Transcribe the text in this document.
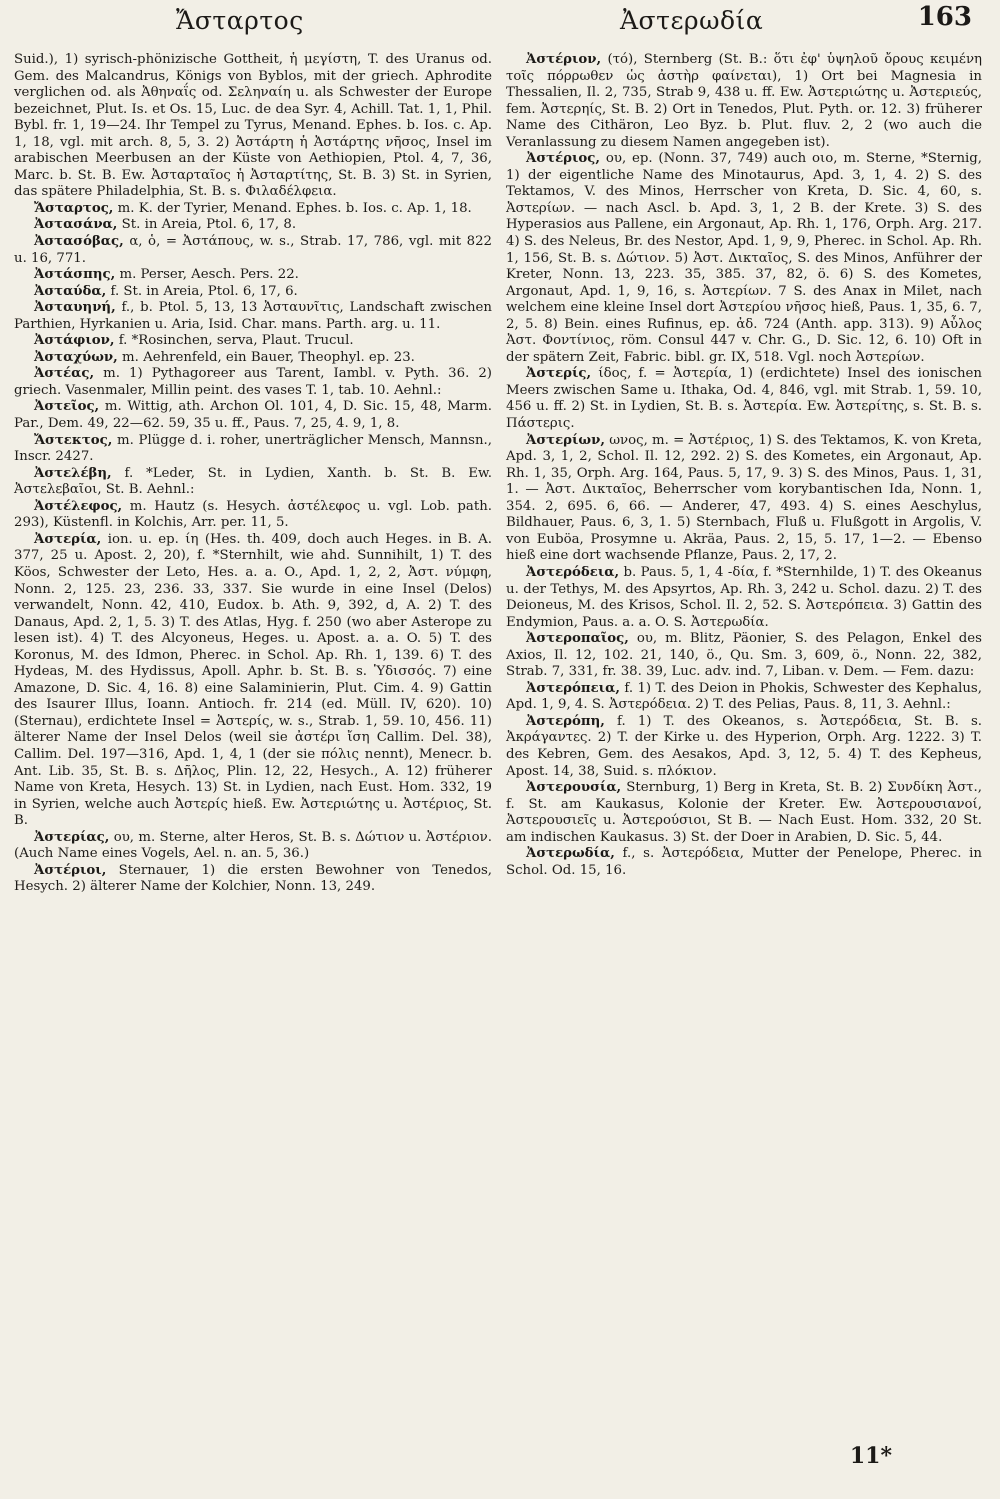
Ἄσταρτος	Ἀστερωδία	163

Suid.), 1) syrisch-phönizische Gottheit, ἡ μεγίστη, T. des Uranus od. Gem. des Malcandrus, Königs von Byblos, mit der griech. Aphrodite verglichen od. als Ἀθηναΐς od. Σεληναίη u. als Schwester der Europe bezeichnet, Plut. Is. et Os. 15, Luc. de dea Syr. 4, Achill. Tat. 1, 1, Phil. Bybl. fr. 1, 19—24. Ihr Tempel zu Tyrus, Menand. Ephes. b. Ios. c. Ap. 1, 18, vgl. mit arch. 8, 5, 3. 2) Ἀστάρτη ἡ Ἀστάρτης νῆσος, Insel im arabischen Meerbusen an der Küste von Aethiopien, Ptol. 4, 7, 36, Marc. b. St. B. Ew. Ἀσταρταῖος ἡ Ἀσταρτίτης, St. B. 3) St. in Syrien, das spätere Philadelphia, St. B. s. Φιλαδέλφεια.

Ἄσταρτος, m. K. der Tyrier, Menand. Ephes. b. Ios. c. Ap. 1, 18.

Ἀστασάνα, St. in Areia, Ptol. 6, 17, 8.

Ἀστασόβας, α, ὁ, = Ἀστάπους, w. s., Strab. 17, 786, vgl. mit 822 u. 16, 771.

Ἀστάσπης, m. Perser, Aesch. Pers. 22.

Ἀσταύδα, f. St. in Areia, Ptol. 6, 17, 6.

Ἀσταυηνή, f., b. Ptol. 5, 13, 13 Ἀσταυνῖτις, Landschaft zwischen Parthien, Hyrkanien u. Aria, Isid. Char. mans. Parth. arg. u. 11.

Ἀστάφιον, f. *Rosinchen, serva, Plaut. Trucul.

Ἀσταχύων, m. Aehrenfeld, ein Bauer, Theophyl. ep. 23.

Ἀστέας, m. 1) Pythagoreer aus Tarent, Iambl. v. Pyth. 36. 2) griech. Vasenmaler, Millin peint. des vases T. 1, tab. 10. Aehnl.:

Ἀστεῖος, m. Wittig, ath. Archon Ol. 101, 4, D. Sic. 15, 48, Marm. Par., Dem. 49, 22—62. 59, 35 u. ff., Paus. 7, 25, 4. 9, 1, 8.

Ἄστεκτος, m. Plügge d. i. roher, unerträglicher Mensch, Mannsn., Inscr. 2427.

Ἀστελέβη, f. *Leder, St. in Lydien, Xanth. b. St. B. Ew. Ἀστελεβαῖοι, St. B. Aehnl.:

Ἀστέλεφος, m. Hautz (s. Hesych. ἀστέλεφος u. vgl. Lob. path. 293), Küstenfl. in Kolchis, Arr. per. 11, 5.

Ἀστερία, ion. u. ep. ίη (Hes. th. 409, doch auch Heges. in B. A. 377, 25 u. Apost. 2, 20), f. *Sternhilt, wie ahd. Sunnihilt, 1) T. des Köos, Schwester der Leto, Hes. a. a. O., Apd. 1, 2, 2, Ἀστ. νύμφη, Nonn. 2, 125. 23, 236. 33, 337. Sie wurde in eine Insel (Delos) verwandelt, Nonn. 42, 410, Eudox. b. Ath. 9, 392, d, A. 2) T. des Danaus, Apd. 2, 1, 5. 3) T. des Atlas, Hyg. f. 250 (wo aber Asterope zu lesen ist). 4) T. des Alcyoneus, Heges. u. Apost. a. a. O. 5) T. des Koronus, M. des Idmon, Pherec. in Schol. Ap. Rh. 1, 139. 6) T. des Hydeas, M. des Hydissus, Apoll. Aphr. b. St. B. s. Ὑδισσός. 7) eine Amazone, D. Sic. 4, 16. 8) eine Salaminierin, Plut. Cim. 4. 9) Gattin des Isaurer Illus, Ioann. Antioch. fr. 214 (ed. Müll. IV, 620). 10) (Sternau), erdichtete Insel = Ἀστερίς, w. s., Strab. 1, 59. 10, 456. 11) älterer Name der Insel Delos (weil sie ἀστέρι ἴση Callim. Del. 38), Callim. Del. 197—316, Apd. 1, 4, 1 (der sie πόλις nennt), Menecr. b. Ant. Lib. 35, St. B. s. Δῆλος, Plin. 12, 22, Hesych., A. 12) früherer Name von Kreta, Hesych. 13) St. in Lydien, nach Eust. Hom. 332, 19 in Syrien, welche auch Ἀστερίς hieß. Ew. Ἀστεριώτης u. Ἀστέριος, St. B.

Ἀστερίας, ου, m. Sterne, alter Heros, St. B. s. Δώτιον u. Ἀστέριον. (Auch Name eines Vogels, Ael. n. an. 5, 36.)

Ἀστέριοι, Sternauer, 1) die ersten Bewohner von Tenedos, Hesych. 2) älterer Name der Kolchier, Nonn. 13, 249.

Ἀστέριον, (τό), Sternberg (St. B.: ὅτι ἐφ' ὑψηλοῦ ὄρους κειμένη τοῖς πόρρωθεν ὡς ἀστὴρ φαίνεται), 1) Ort bei Magnesia in Thessalien, Il. 2, 735, Strab 9, 438 u. ff. Ew. Ἀστεριώτης u. Ἀστεριεύς, fem. Ἀστερηίς, St. B. 2) Ort in Tenedos, Plut. Pyth. or. 12. 3) früherer Name des Cithäron, Leo Byz. b. Plut. fluv. 2, 2 (wo auch die Veranlassung zu diesem Namen angegeben ist).

Ἀστέριος, ου, ep. (Nonn. 37, 749) auch οιο, m. Sterne, *Sternig, 1) der eigentliche Name des Minotaurus, Apd. 3, 1, 4. 2) S. des Tektamos, V. des Minos, Herrscher von Kreta, D. Sic. 4, 60, s. Ἀστερίων. — nach Ascl. b. Apd. 3, 1, 2 B. der Krete. 3) S. des Hyperasios aus Pallene, ein Argonaut, Ap. Rh. 1, 176, Orph. Arg. 217. 4) S. des Neleus, Br. des Nestor, Apd. 1, 9, 9, Pherec. in Schol. Ap. Rh. 1, 156, St. B. s. Δώτιον. 5) Ἀστ. Δικταῖος, S. des Minos, Anführer der Kreter, Nonn. 13, 223. 35, 385. 37, 82, ö. 6) S. des Kometes, Argonaut, Apd. 1, 9, 16, s. Ἀστερίων. 7 S. des Anax in Milet, nach welchem eine kleine Insel dort Ἀστερίου νῆσος hieß, Paus. 1, 35, 6. 7, 2, 5. 8) Bein. eines Rufinus, ep. ἀδ. 724 (Anth. app. 313). 9) Αὖλος Ἀστ. Φοντίνιος, röm. Consul 447 v. Chr. G., D. Sic. 12, 6. 10) Oft in der spätern Zeit, Fabric. bibl. gr. IX, 518. Vgl. noch Ἀστερίων.

Ἀστερίς, ίδος, f. = Ἀστερία, 1) (erdichtete) Insel des ionischen Meers zwischen Same u. Ithaka, Od. 4, 846, vgl. mit Strab. 1, 59. 10, 456 u. ff. 2) St. in Lydien, St. B. s. Ἀστερία. Ew. Ἀστερίτης, s. St. B. s. Πάστερις.

Ἀστερίων, ωνος, m. = Ἀστέριος, 1) S. des Tektamos, K. von Kreta, Apd. 3, 1, 2, Schol. Il. 12, 292. 2) S. des Kometes, ein Argonaut, Ap. Rh. 1, 35, Orph. Arg. 164, Paus. 5, 17, 9. 3) S. des Minos, Paus. 1, 31, 1. — Ἀστ. Δικταῖος, Beherrscher vom korybantischen Ida, Nonn. 1, 354. 2, 695. 6, 66. — Anderer, 47, 493. 4) S. eines Aeschylus, Bildhauer, Paus. 6, 3, 1. 5) Sternbach, Fluß u. Flußgott in Argolis, V. von Euböa, Prosymne u. Akräa, Paus. 2, 15, 5. 17, 1—2. — Ebenso hieß eine dort wachsende Pflanze, Paus. 2, 17, 2.

Ἀστερόδεια, b. Paus. 5, 1, 4 -δία, f. *Sternhilde, 1) T. des Okeanus u. der Tethys, M. des Apsyrtos, Ap. Rh. 3, 242 u. Schol. dazu. 2) T. des Deioneus, M. des Krisos, Schol. Il. 2, 52. S. Ἀστερόπεια. 3) Gattin des Endymion, Paus. a. a. O. S. Ἀστερωδία.

Ἀστεροπαῖος, ου, m. Blitz, Päonier, S. des Pelagon, Enkel des Axios, Il. 12, 102. 21, 140, ö., Qu. Sm. 3, 609, ö., Nonn. 22, 382, Strab. 7, 331, fr. 38. 39, Luc. adv. ind. 7, Liban. v. Dem. — Fem. dazu:

Ἀστερόπεια, f. 1) T. des Deion in Phokis, Schwester des Kephalus, Apd. 1, 9, 4. S. Ἀστερόδεια. 2) T. des Pelias, Paus. 8, 11, 3. Aehnl.:

Ἀστερόπη, f. 1) T. des Okeanos, s. Ἀστερόδεια, St. B. s. Ἀκράγαντες. 2) T. der Kirke u. des Hyperion, Orph. Arg. 1222. 3) T. des Kebren, Gem. des Aesakos, Apd. 3, 12, 5. 4) T. des Kepheus, Apost. 14, 38, Suid. s. πλόκιον.

Ἀστερουσία, Sternburg, 1) Berg in Kreta, St. B. 2) Συνδίκη Ἀστ., f. St. am Kaukasus, Kolonie der Kreter. Ew. Ἀστερουσιανοί, Ἀστερουσιεῖς u. Ἀστερούσιοι, St B. — Nach Eust. Hom. 332, 20 St. am indischen Kaukasus. 3) St. der Doer in Arabien, D. Sic. 5, 44.

Ἀστερωδία, f., s. Ἀστερόδεια, Mutter der Penelope, Pherec. in Schol. Od. 15, 16.

11*
